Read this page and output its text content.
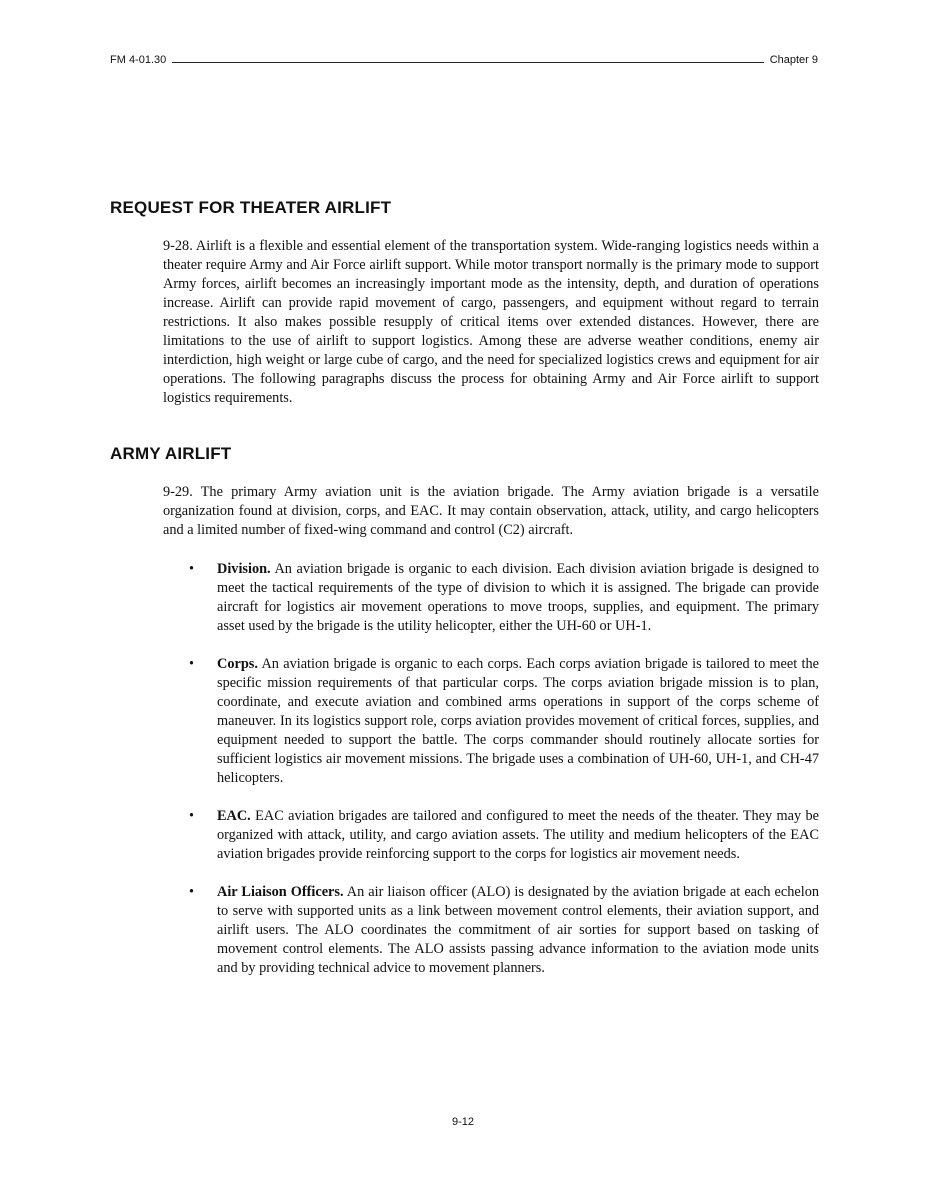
FM 4-01.30	Chapter 9
REQUEST FOR THEATER AIRLIFT

9-28. Airlift is a flexible and essential element of the transportation system. Wide-ranging logistics needs within a theater require Army and Air Force airlift support. While motor transport normally is the primary mode to support Army forces, airlift becomes an increasingly important mode as the intensity, depth, and duration of operations increase. Airlift can provide rapid movement of cargo, passengers, and equipment without regard to terrain restrictions. It also makes possible resupply of critical items over extended distances. However, there are limitations to the use of airlift to support logistics. Among these are adverse weather conditions, enemy air interdiction, high weight or large cube of cargo, and the need for specialized logistics crews and equipment for air operations. The following paragraphs discuss the process for obtaining Army and Air Force airlift to support logistics requirements.

ARMY AIRLIFT

9-29. The primary Army aviation unit is the aviation brigade. The Army aviation brigade is a versatile organization found at division, corps, and EAC. It may contain observation, attack, utility, and cargo helicopters and a limited number of fixed-wing command and control (C2) aircraft.

• Division. An aviation brigade is organic to each division. Each division aviation brigade is designed to meet the tactical requirements of the type of division to which it is assigned. The brigade can provide aircraft for logistics air movement operations to move troops, supplies, and equipment. The primary asset used by the brigade is the utility helicopter, either the UH-60 or UH-1.
• Corps. An aviation brigade is organic to each corps. Each corps aviation brigade is tailored to meet the specific mission requirements of that particular corps. The corps aviation brigade mission is to plan, coordinate, and execute aviation and combined arms operations in support of the corps scheme of maneuver. In its logistics support role, corps aviation provides movement of critical forces, supplies, and equipment needed to support the battle. The corps commander should routinely allocate sorties for sufficient logistics air movement missions. The brigade uses a combination of UH-60, UH-1, and CH-47 helicopters.
• EAC. EAC aviation brigades are tailored and configured to meet the needs of the theater. They may be organized with attack, utility, and cargo aviation assets. The utility and medium helicopters of the EAC aviation brigades provide reinforcing support to the corps for logistics air movement needs.
• Air Liaison Officers. An air liaison officer (ALO) is designated by the aviation brigade at each echelon to serve with supported units as a link between movement control elements, their aviation support, and airlift users. The ALO coordinates the commitment of air sorties for support based on tasking of movement control elements. The ALO assists passing advance information to the aviation mode units and by providing technical advice to movement planners.
9-12
